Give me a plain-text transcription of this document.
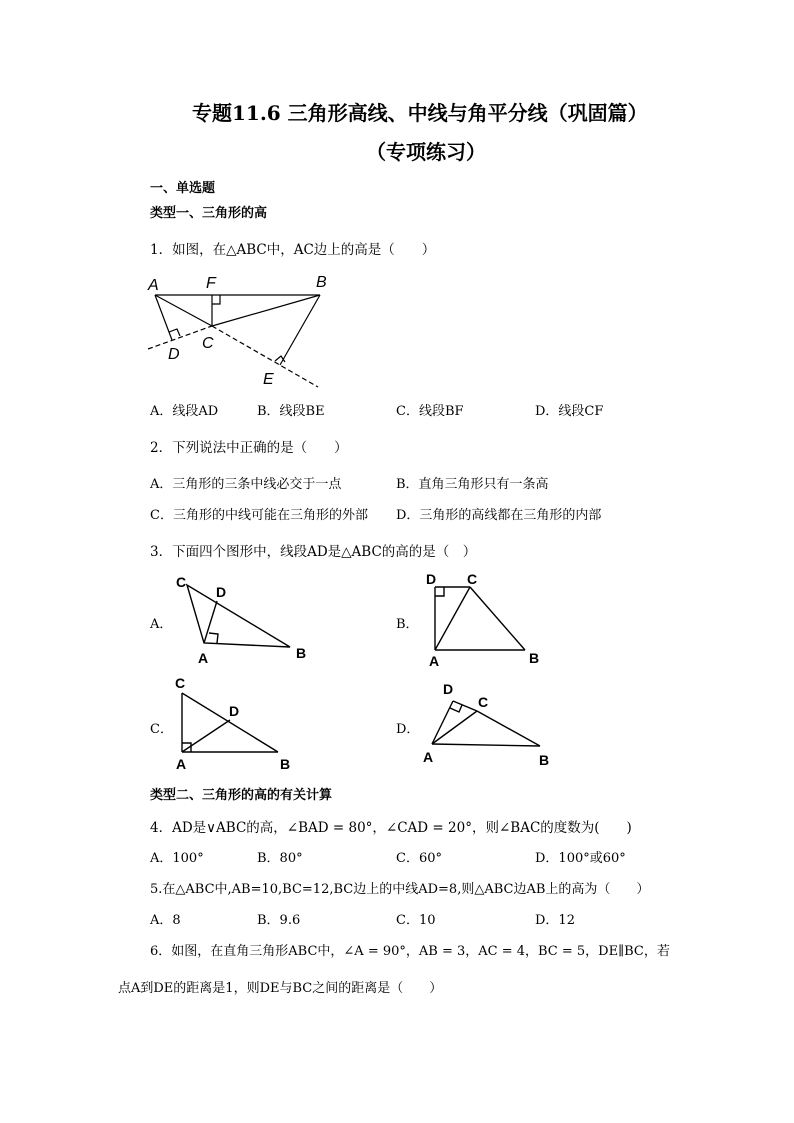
专题11.6 三角形高线、中线与角平分线（巩固篇）
（专项练习）
一、单选题
类型一、三角形的高
1．如图，在△ABC中，AC边上的高是（　　）
A	F	B
D
C
E
A．线段AD	B．线段BE	C．线段BF	D．线段CF
2．下列说法中正确的是（　　）
A．三角形的三条中线必交于一点	B．直角三角形只有一条高
C．三角形的中线可能在三角形的外部 D．三角形的高线都在三角形的内部
3．下面四个图形中，线段AD是△ABC的高的是（　）
A．
C
D
A	B
B．
D C
A	B
C．
C
D
A	B
D．
D
C
A	B
类型二、三角形的高的有关计算
4．AD是∨ABC的高，∠BAD = 80°，∠CAD = 20°，则∠BAC的度数为(　　)
A．100°	B．80°	C．60°	D．100°或60°
5.在△ABC中,AB=10,BC=12,BC边上的中线AD=8,则△ABC边AB上的高为（　　）
A．8	B．9.6	C．10	D．12
6．如图，在直角三角形ABC中，∠A = 90°，AB = 3，AC = 4，BC = 5，DE∥BC，若
点A到DE的距离是1，则DE与BC之间的距离是（　　）
